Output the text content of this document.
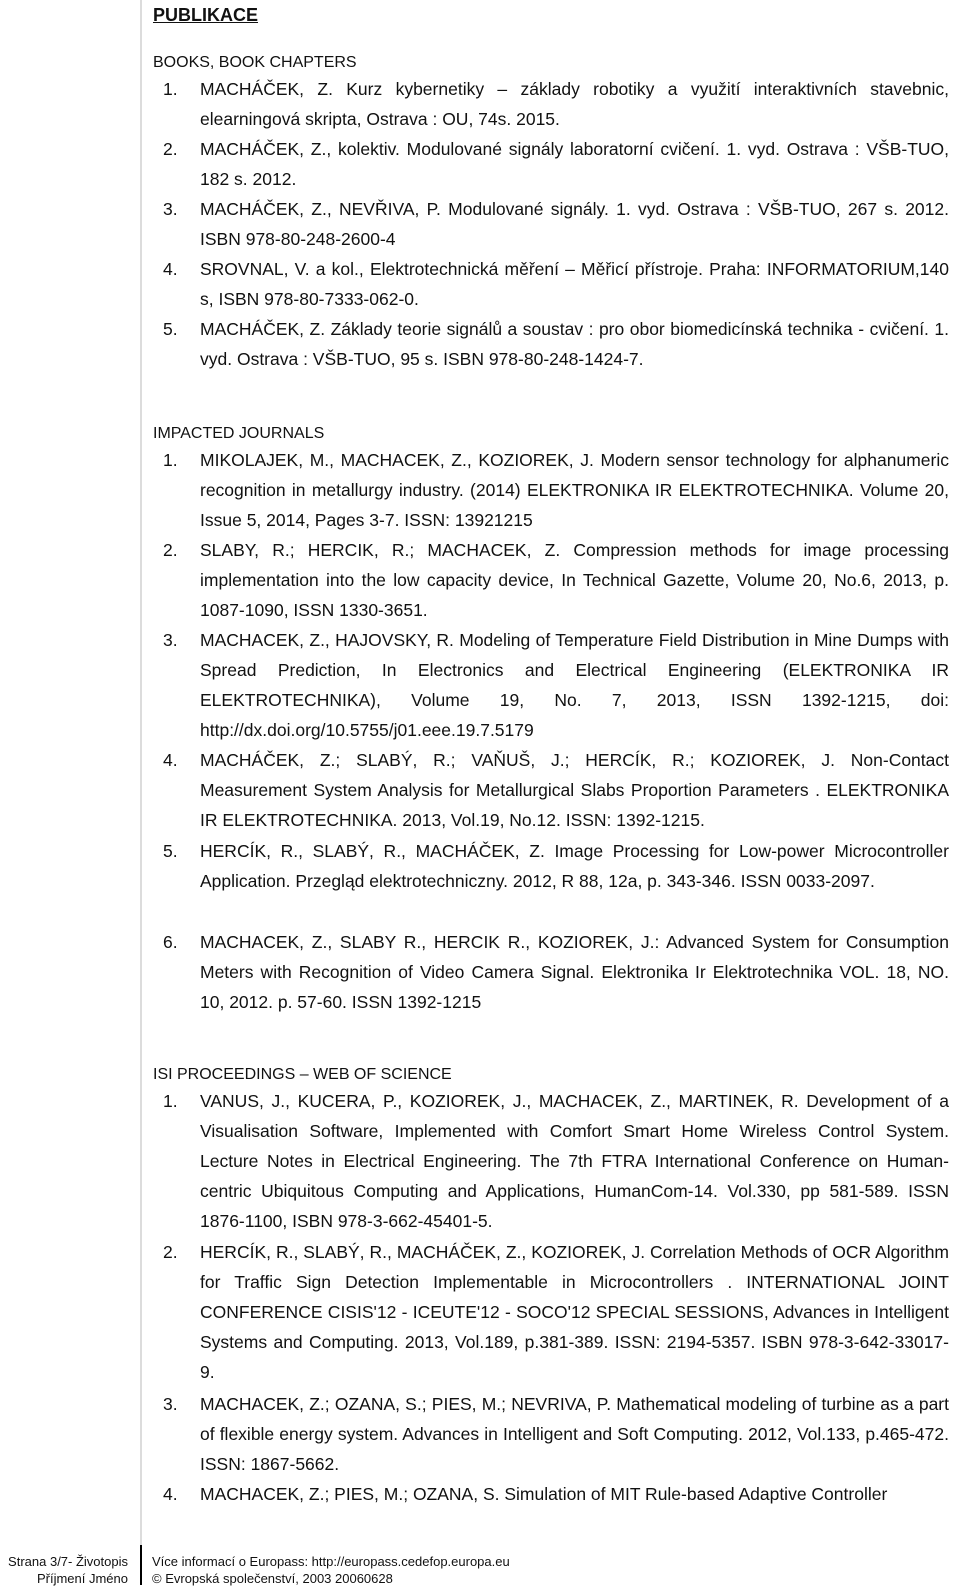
PUBLIKACE
BOOKS, BOOK CHAPTERS
1. MACHÁČEK, Z. Kurz kybernetiky – základy robotiky a využití interaktivních stavebnic, elearningová skripta, Ostrava : OU, 74s. 2015.
2. MACHÁČEK, Z., kolektiv. Modulované signály laboratorní cvičení. 1. vyd. Ostrava : VŠB-TUO, 182 s. 2012.
3. MACHÁČEK, Z., NEVŘIVA, P. Modulované signály. 1. vyd. Ostrava : VŠB-TUO, 267 s. 2012. ISBN 978-80-248-2600-4
4. SROVNAL, V. a kol., Elektrotechnická měření – Měřicí přístroje. Praha: INFORMATORIUM,140 s, ISBN 978-80-7333-062-0.
5. MACHÁČEK, Z. Základy teorie signálů a soustav : pro obor biomedicínská technika - cvičení. 1. vyd. Ostrava : VŠB-TUO, 95 s. ISBN 978-80-248-1424-7.
IMPACTED JOURNALS
1. MIKOLAJEK, M., MACHACEK, Z., KOZIOREK, J. Modern sensor technology for alphanumeric recognition in metallurgy industry. (2014) ELEKTRONIKA IR ELEKTROTECHNIKA. Volume 20, Issue 5, 2014, Pages 3-7. ISSN: 13921215
2. SLABY, R.; HERCIK, R.; MACHACEK, Z. Compression methods for image processing implementation into the low capacity device, In Technical Gazette, Volume 20, No.6, 2013, p. 1087-1090, ISSN 1330-3651.
3. MACHACEK, Z., HAJOVSKY, R. Modeling of Temperature Field Distribution in Mine Dumps with Spread Prediction, In Electronics and Electrical Engineering (ELEKTRONIKA IR ELEKTROTECHNIKA), Volume 19, No. 7, 2013, ISSN 1392-1215, doi: http://dx.doi.org/10.5755/j01.eee.19.7.5179
4. MACHÁČEK, Z.; SLABÝ, R.; VAŇUŠ, J.; HERCÍK, R.; KOZIOREK, J. Non-Contact Measurement System Analysis for Metallurgical Slabs Proportion Parameters . ELEKTRONIKA IR ELEKTROTECHNIKA. 2013, Vol.19, No.12. ISSN: 1392-1215.
5. HERCÍK, R., SLABÝ, R., MACHÁČEK, Z. Image Processing for Low-power Microcontroller Application. Przegląd elektrotechniczny. 2012, R 88, 12a, p. 343-346. ISSN 0033-2097.
6. MACHACEK, Z., SLABY R., HERCIK R., KOZIOREK, J.: Advanced System for Consumption Meters with Recognition of Video Camera Signal. Elektronika Ir Elektrotechnika VOL. 18, NO. 10, 2012. p. 57-60. ISSN 1392-1215
ISI PROCEEDINGS – WEB OF SCIENCE
1. VANUS, J., KUCERA, P., KOZIOREK, J., MACHACEK, Z., MARTINEK, R. Development of a Visualisation Software, Implemented with Comfort Smart Home Wireless Control System. Lecture Notes in Electrical Engineering. The 7th FTRA International Conference on Human-centric Ubiquitous Computing and Applications, HumanCom-14. Vol.330, pp 581-589. ISSN 1876-1100, ISBN 978-3-662-45401-5.
2. HERCÍK, R., SLABÝ, R., MACHÁČEK, Z., KOZIOREK, J. Correlation Methods of OCR Algorithm for Traffic Sign Detection Implementable in Microcontrollers . INTERNATIONAL JOINT CONFERENCE CISIS'12 - ICEUTE'12 - SOCO'12 SPECIAL SESSIONS, Advances in Intelligent Systems and Computing. 2013, Vol.189, p.381-389. ISSN: 2194-5357. ISBN 978-3-642-33017-9.
3. MACHACEK, Z.; OZANA, S.; PIES, M.; NEVRIVA, P. Mathematical modeling of turbine as a part of flexible energy system. Advances in Intelligent and Soft Computing. 2012, Vol.133, p.465-472. ISSN: 1867-5662.
4. MACHACEK, Z.; PIES, M.; OZANA, S. Simulation of MIT Rule-based Adaptive Controller
Strana 3/7- Životopis
Příjmení Jméno
Více informací o Europass: http://europass.cedefop.europa.eu
© Evropská společenství, 2003 20060628
